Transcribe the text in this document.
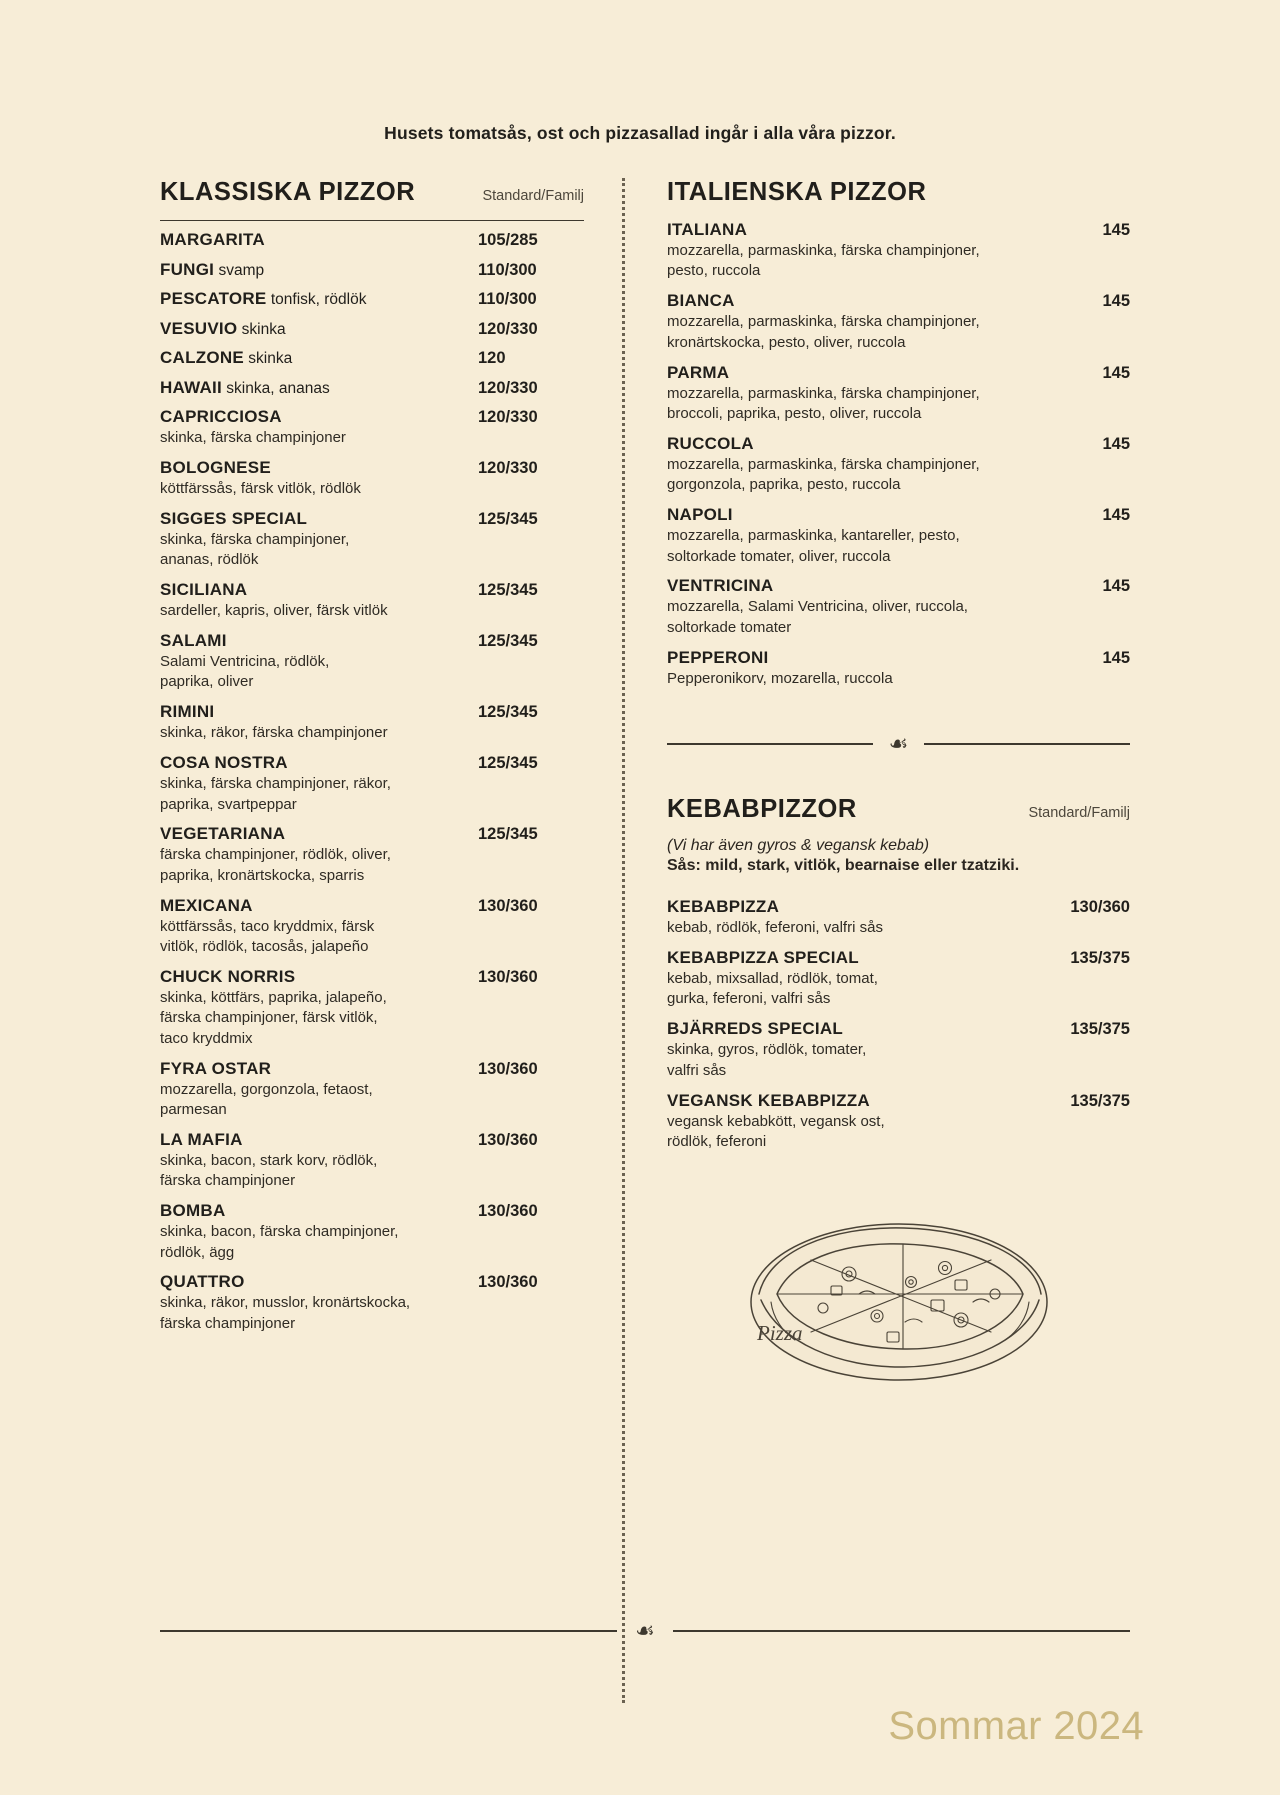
Husets tomatsås, ost och pizzasallad ingår i alla våra pizzor.
KLASSISKA PIZZOR	Standard/Familj
MARGARITA	105/285
FUNGI svamp	110/300
PESCATORE tonfisk, rödlök	110/300
VESUVIO skinka	120/330
CALZONE skinka	120
HAWAII skinka, ananas	120/330
CAPRICCIOSA	120/330
skinka, färska champinjoner
BOLOGNESE	120/330
köttfärssås, färsk vitlök, rödlök
SIGGES SPECIAL	125/345
skinka, färska champinjoner,
ananas, rödlök
SICILIANA	125/345
sardeller, kapris, oliver, färsk vitlök
SALAMI	125/345
Salami Ventricina, rödlök,
paprika, oliver
RIMINI	125/345
skinka, räkor, färska champinjoner
COSA NOSTRA	125/345
skinka, färska champinjoner, räkor,
paprika, svartpeppar
VEGETARIANA	125/345
färska champinjoner, rödlök, oliver,
paprika, kronärtskocka, sparris
MEXICANA	130/360
köttfärssås, taco kryddmix, färsk
vitlök, rödlök, tacosås, jalapeño
CHUCK NORRIS	130/360
skinka, köttfärs, paprika, jalapeño,
färska champinjoner, färsk vitlök,
taco kryddmix
FYRA OSTAR	130/360
mozzarella, gorgonzola, fetaost,
parmesan
LA MAFIA	130/360
skinka, bacon, stark korv, rödlök,
färska champinjoner
BOMBA	130/360
skinka, bacon, färska champinjoner,
rödlök, ägg
QUATTRO	130/360
skinka, räkor, musslor, kronärtskocka,
färska champinjoner
ITALIENSKA PIZZOR
ITALIANA	145
mozzarella, parmaskinka, färska champinjoner,
pesto, ruccola
BIANCA	145
mozzarella, parmaskinka, färska champinjoner,
kronärtskocka, pesto, oliver, ruccola
PARMA	145
mozzarella, parmaskinka, färska champinjoner,
broccoli, paprika, pesto, oliver, ruccola
RUCCOLA	145
mozzarella, parmaskinka, färska champinjoner,
gorgonzola, paprika, pesto, ruccola
NAPOLI	145
mozzarella, parmaskinka, kantareller, pesto,
soltorkade tomater, oliver, ruccola
VENTRICINA	145
mozzarella, Salami Ventricina, oliver, ruccola,
soltorkade tomater
PEPPERONI	145
Pepperonikorv, mozarella, ruccola
☙
KEBABPIZZOR	Standard/Familj
(Vi har även gyros & vegansk kebab)
Sås: mild, stark, vitlök, bearnaise eller tzatziki.
KEBABPIZZA	130/360
kebab, rödlök, feferoni, valfri sås
KEBABPIZZA SPECIAL	135/375
kebab, mixsallad, rödlök, tomat,
gurka, feferoni, valfri sås
BJÄRREDS SPECIAL	135/375
skinka, gyros, rödlök, tomater,
valfri sås
VEGANSK KEBABPIZZA	135/375
vegansk kebabkött, vegansk ost,
rödlök, feferoni
Pizza
☙
Sommar 2024
